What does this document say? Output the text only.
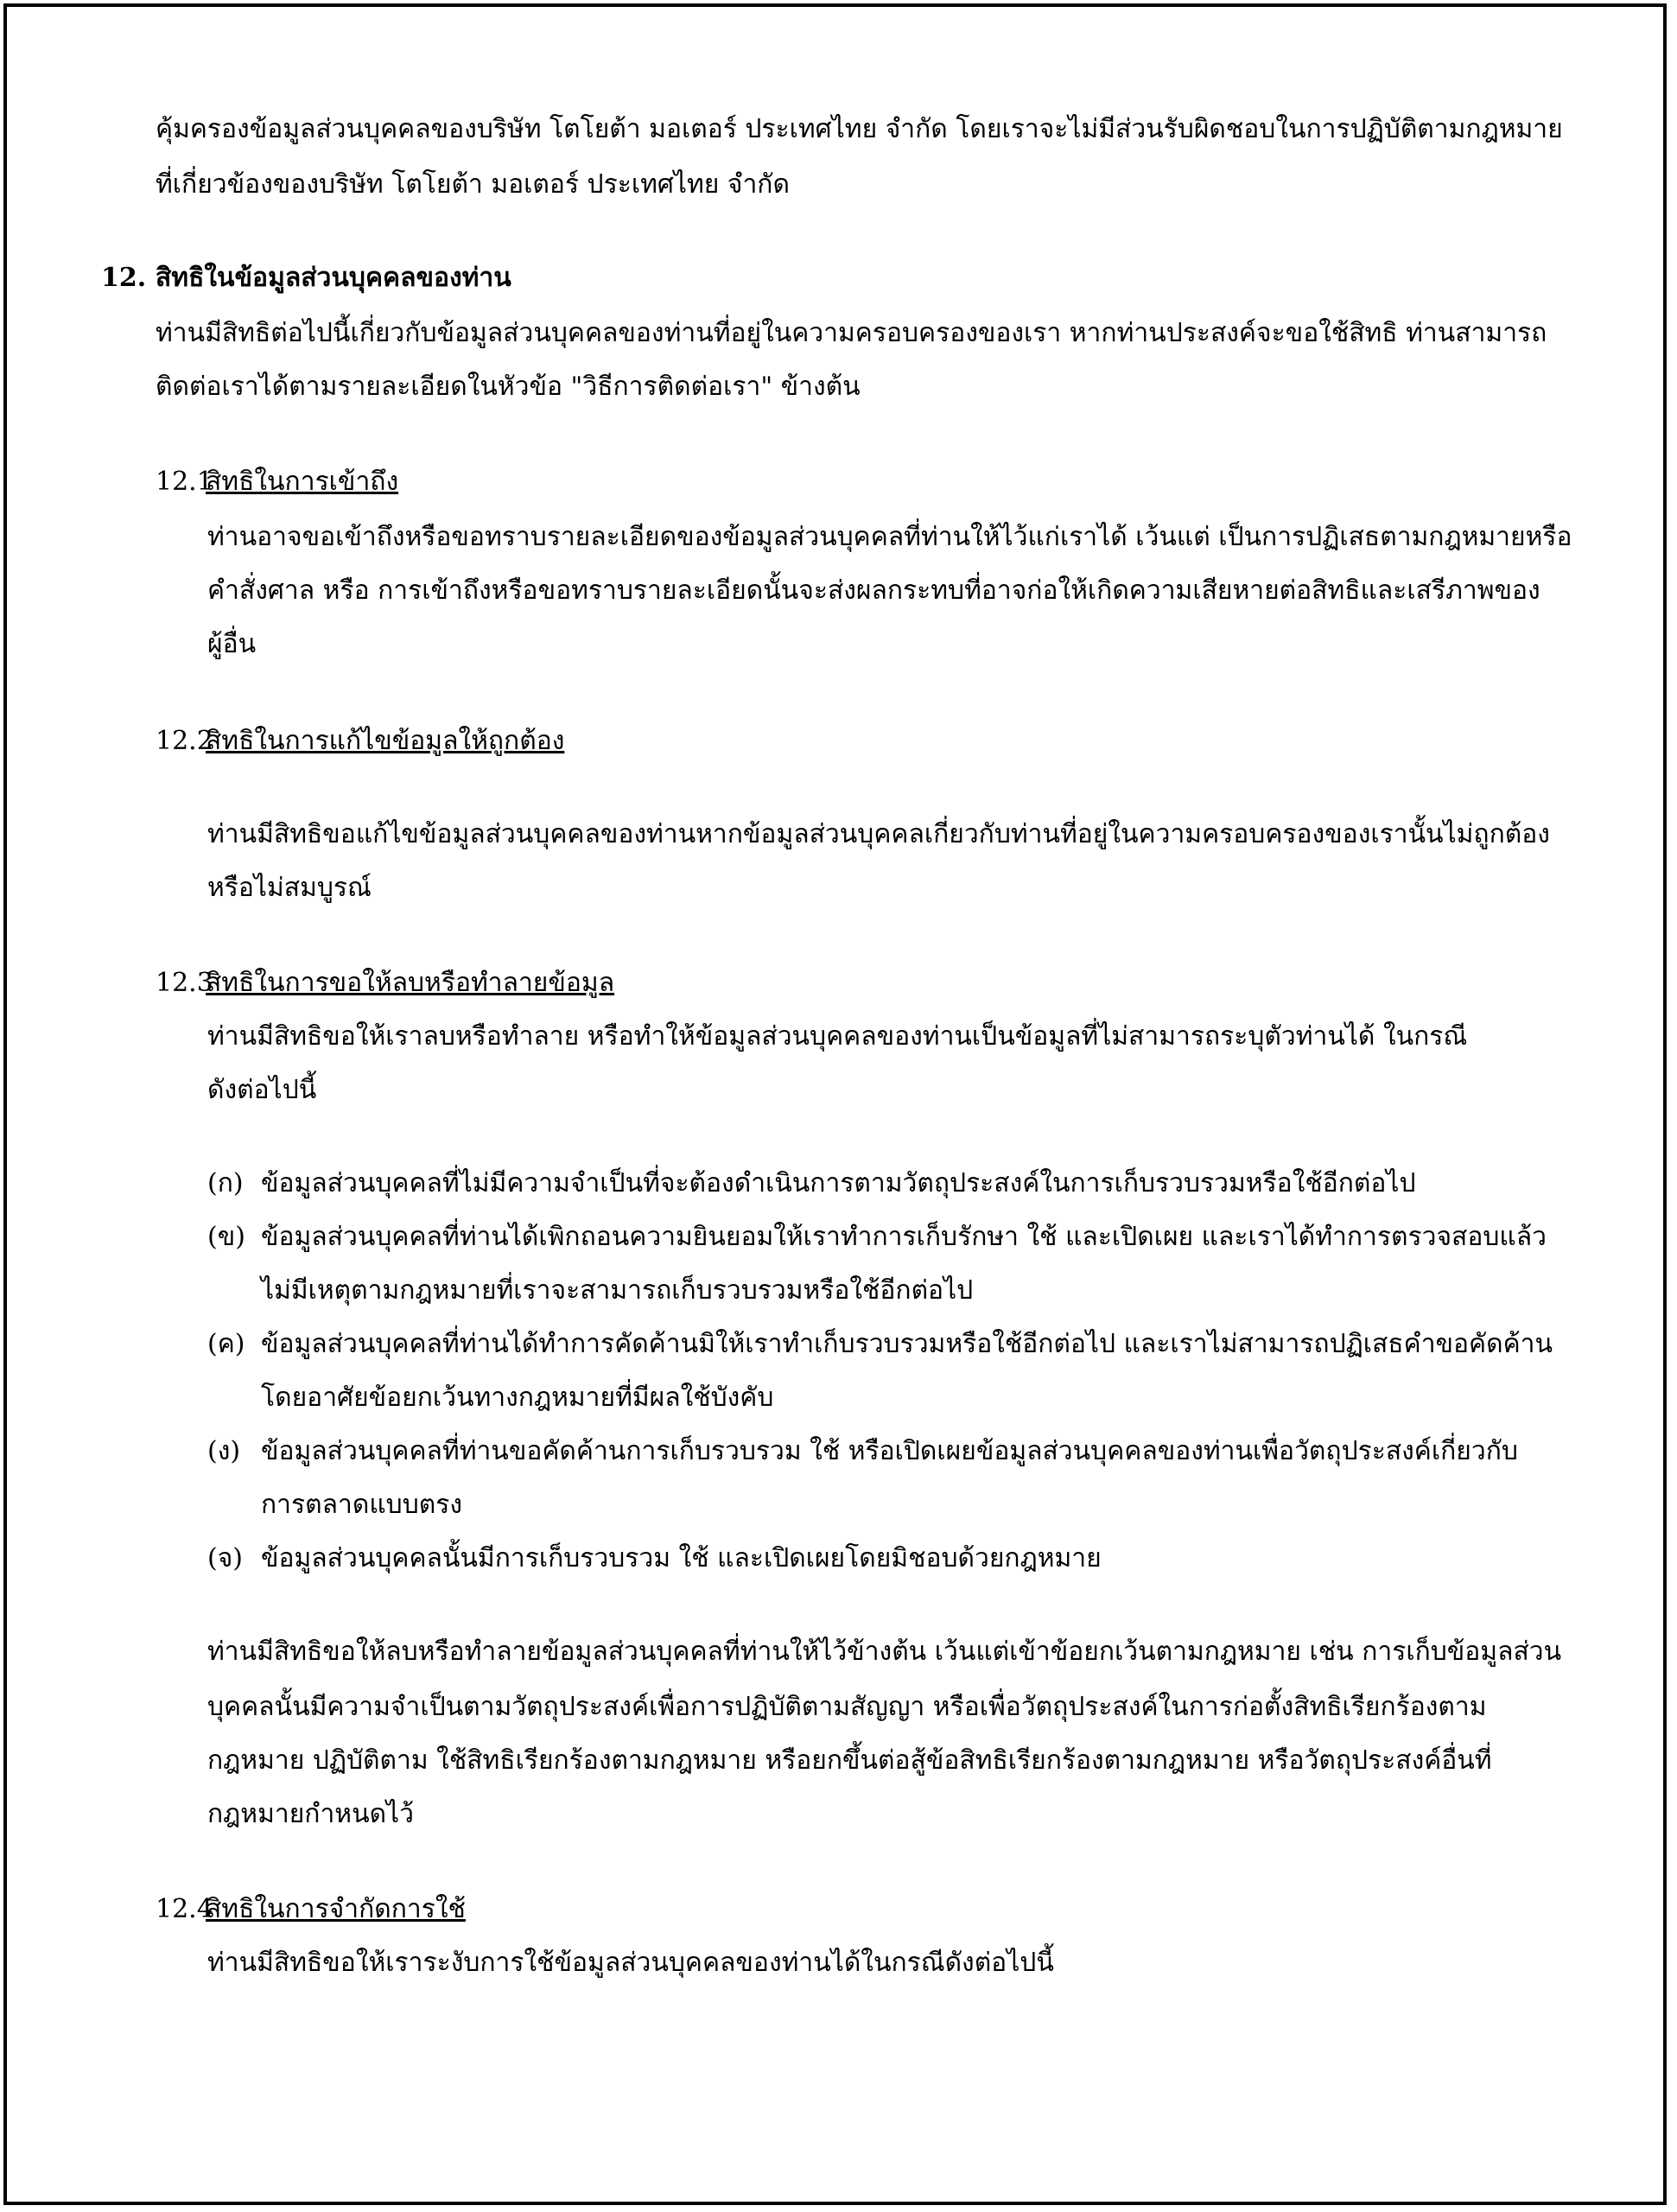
คุ้มครองข้อมูลส่วนบุคคลของบริษัท โตโยต้า มอเตอร์ ประเทศไทย จำกัด โดยเราจะไม่มีส่วนรับผิดชอบในการปฏิบัติตามกฎหมาย
ที่เกี่ยวข้องของบริษัท โตโยต้า มอเตอร์ ประเทศไทย จำกัด
12. สิทธิในข้อมูลส่วนบุคคลของท่าน
ท่านมีสิทธิต่อไปนี้เกี่ยวกับข้อมูลส่วนบุคคลของท่านที่อยู่ในความครอบครองของเรา หากท่านประสงค์จะขอใช้สิทธิ ท่านสามารถ
ติดต่อเราได้ตามรายละเอียดในหัวข้อ "วิธีการติดต่อเรา" ข้างต้น
12.1
สิทธิในการเข้าถึง
ท่านอาจขอเข้าถึงหรือขอทราบรายละเอียดของข้อมูลส่วนบุคคลที่ท่านให้ไว้แก่เราได้ เว้นแต่ เป็นการปฏิเสธตามกฎหมายหรือ
คำสั่งศาล หรือ การเข้าถึงหรือขอทราบรายละเอียดนั้นจะส่งผลกระทบที่อาจก่อให้เกิดความเสียหายต่อสิทธิและเสรีภาพของ
ผู้อื่น
12.2
สิทธิในการแก้ไขข้อมูลให้ถูกต้อง
ท่านมีสิทธิขอแก้ไขข้อมูลส่วนบุคคลของท่านหากข้อมูลส่วนบุคคลเกี่ยวกับท่านที่อยู่ในความครอบครองของเรานั้นไม่ถูกต้อง
หรือไม่สมบูรณ์
12.3
สิทธิในการขอให้ลบหรือทำลายข้อมูล
ท่านมีสิทธิขอให้เราลบหรือทำลาย หรือทำให้ข้อมูลส่วนบุคคลของท่านเป็นข้อมูลที่ไม่สามารถระบุตัวท่านได้ ในกรณี
ดังต่อไปนี้
(ก) ข้อมูลส่วนบุคคลที่ไม่มีความจำเป็นที่จะต้องดำเนินการตามวัตถุประสงค์ในการเก็บรวบรวมหรือใช้อีกต่อไป
(ข) ข้อมูลส่วนบุคคลที่ท่านได้เพิกถอนความยินยอมให้เราทำการเก็บรักษา ใช้ และเปิดเผย และเราได้ทำการตรวจสอบแล้ว
ไม่มีเหตุตามกฎหมายที่เราจะสามารถเก็บรวบรวมหรือใช้อีกต่อไป
(ค) ข้อมูลส่วนบุคคลที่ท่านได้ทำการคัดค้านมิให้เราทำเก็บรวบรวมหรือใช้อีกต่อไป และเราไม่สามารถปฏิเสธคำขอคัดค้าน
โดยอาศัยข้อยกเว้นทางกฎหมายที่มีผลใช้บังคับ
(ง) ข้อมูลส่วนบุคคลที่ท่านขอคัดค้านการเก็บรวบรวม ใช้ หรือเปิดเผยข้อมูลส่วนบุคคลของท่านเพื่อวัตถุประสงค์เกี่ยวกับ
การตลาดแบบตรง
(จ) ข้อมูลส่วนบุคคลนั้นมีการเก็บรวบรวม ใช้ และเปิดเผยโดยมิชอบด้วยกฎหมาย
ท่านมีสิทธิขอให้ลบหรือทำลายข้อมูลส่วนบุคคลที่ท่านให้ไว้ข้างต้น เว้นแต่เข้าข้อยกเว้นตามกฎหมาย เช่น การเก็บข้อมูลส่วน
บุคคลนั้นมีความจำเป็นตามวัตถุประสงค์เพื่อการปฏิบัติตามสัญญา หรือเพื่อวัตถุประสงค์ในการก่อตั้งสิทธิเรียกร้องตาม
กฎหมาย ปฏิบัติตาม ใช้สิทธิเรียกร้องตามกฎหมาย หรือยกขึ้นต่อสู้ข้อสิทธิเรียกร้องตามกฎหมาย หรือวัตถุประสงค์อื่นที่
กฎหมายกำหนดไว้
12.4
สิทธิในการจำกัดการใช้
ท่านมีสิทธิขอให้เราระงับการใช้ข้อมูลส่วนบุคคลของท่านได้ในกรณีดังต่อไปนี้
